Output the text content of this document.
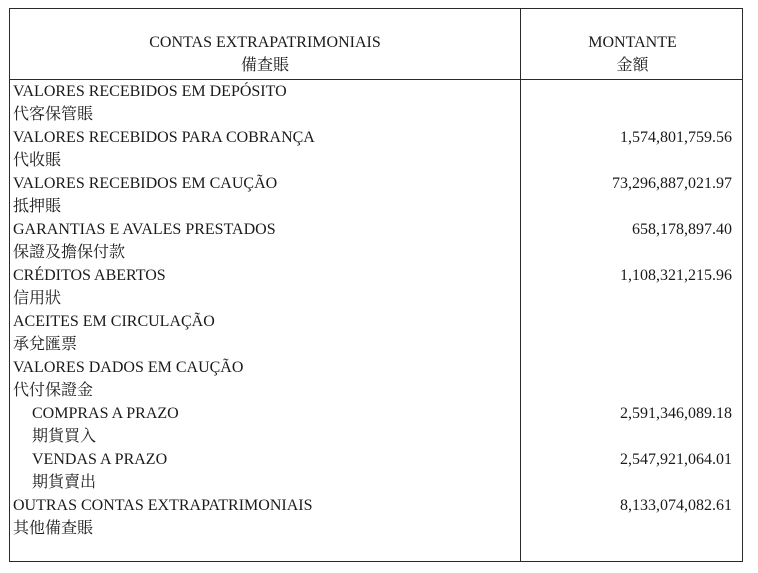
CONTAS EXTRAPATRIMONIAIS
備查賬
MONTANTE
金額
VALORES RECEBIDOS EM DEPÓSITO
代客保管賬
VALORES RECEBIDOS PARA COBRANÇA	1,574,801,759.56
代收賬
VALORES RECEBIDOS EM CAUÇÃO	73,296,887,021.97
抵押賬
GARANTIAS E AVALES PRESTADOS	658,178,897.40
保證及擔保付款
CRÉDITOS ABERTOS	1,108,321,215.96
信用狀
ACEITES EM CIRCULAÇÃO
承兌匯票
VALORES DADOS EM CAUÇÃO
代付保證金
COMPRAS A PRAZO	2,591,346,089.18
期貨買入
VENDAS A PRAZO	2,547,921,064.01
期貨賣出
OUTRAS CONTAS EXTRAPATRIMONIAIS	8,133,074,082.61
其他備查賬
